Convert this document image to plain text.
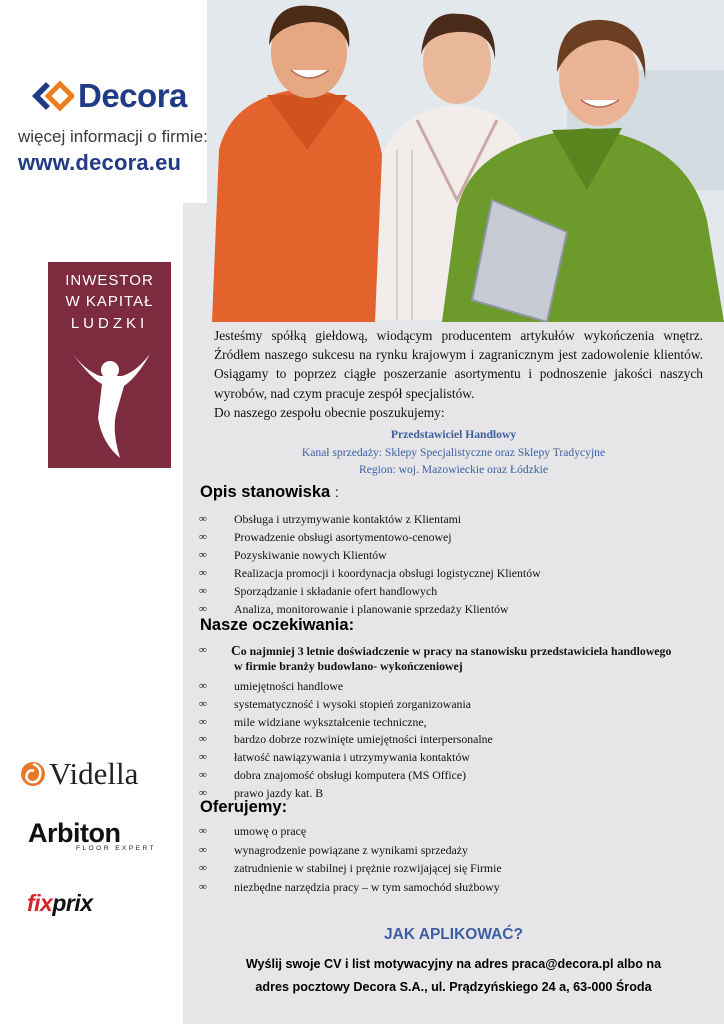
Decora
więcej informacji o firmie:
www.decora.eu
INWESTOR
W KAPITAŁ
LUDZKI

Jesteśmy spółką giełdową, wiodącym producentem artykułów wykończenia wnętrz. Źródłem naszego sukcesu na rynku krajowym i zagranicznym jest zadowolenie klientów. Osiągamy to poprzez ciągłe poszerzanie asortymentu i podnoszenie jakości naszych wyrobów, nad czym pracuje zespół specjalistów.

Do naszego zespołu obecnie poszukujemy:

Przedstawiciel Handlowy
Kanał sprzedaży: Sklepy Specjalistyczne oraz Sklepy Tradycyjne
Region: woj. Mazowieckie oraz Łódzkie
Opis stanowiska :
∞ Obsługa i utrzymywanie kontaktów z Klientami
∞ Prowadzenie obsługi asortymentowo-cenowej
∞ Pozyskiwanie nowych Klientów
∞ Realizacja promocji i koordynacja obsługi logistycznej Klientów
∞ Sporządzanie i składanie ofert handlowych
∞ Analiza, monitorowanie i planowanie sprzedaży Klientów
Nasze oczekiwania:
∞ Co najmniej 3 letnie doświadczenie w pracy na stanowisku przedstawiciela handlowego
w firmie branży budowlano- wykończeniowej
∞ umiejętności handlowe
∞ systematyczność i wysoki stopień zorganizowania
∞ mile widziane wykształcenie techniczne,
∞ bardzo dobrze rozwinięte umiejętności interpersonalne
∞ łatwość nawiązywania i utrzymywania kontaktów
∞ dobra znajomość obsługi komputera (MS Office)
∞ prawo jazdy kat. B
Oferujemy:
∞ umowę o pracę
∞ wynagrodzenie powiązane z wynikami sprzedaży
∞ zatrudnienie w stabilnej i prężnie rozwijającej się Firmie
∞ niezbędne narzędzia pracy – w tym samochód służbowy
JAK APLIKOWAĆ?
Wyślij swoje CV i list motywacyjny na adres praca@decora.pl albo na
adres pocztowy Decora S.A., ul. Prądzyńskiego 24 a, 63-000 Środa
Vidella
Arbiton
FLOOR EXPERT
fixprix
